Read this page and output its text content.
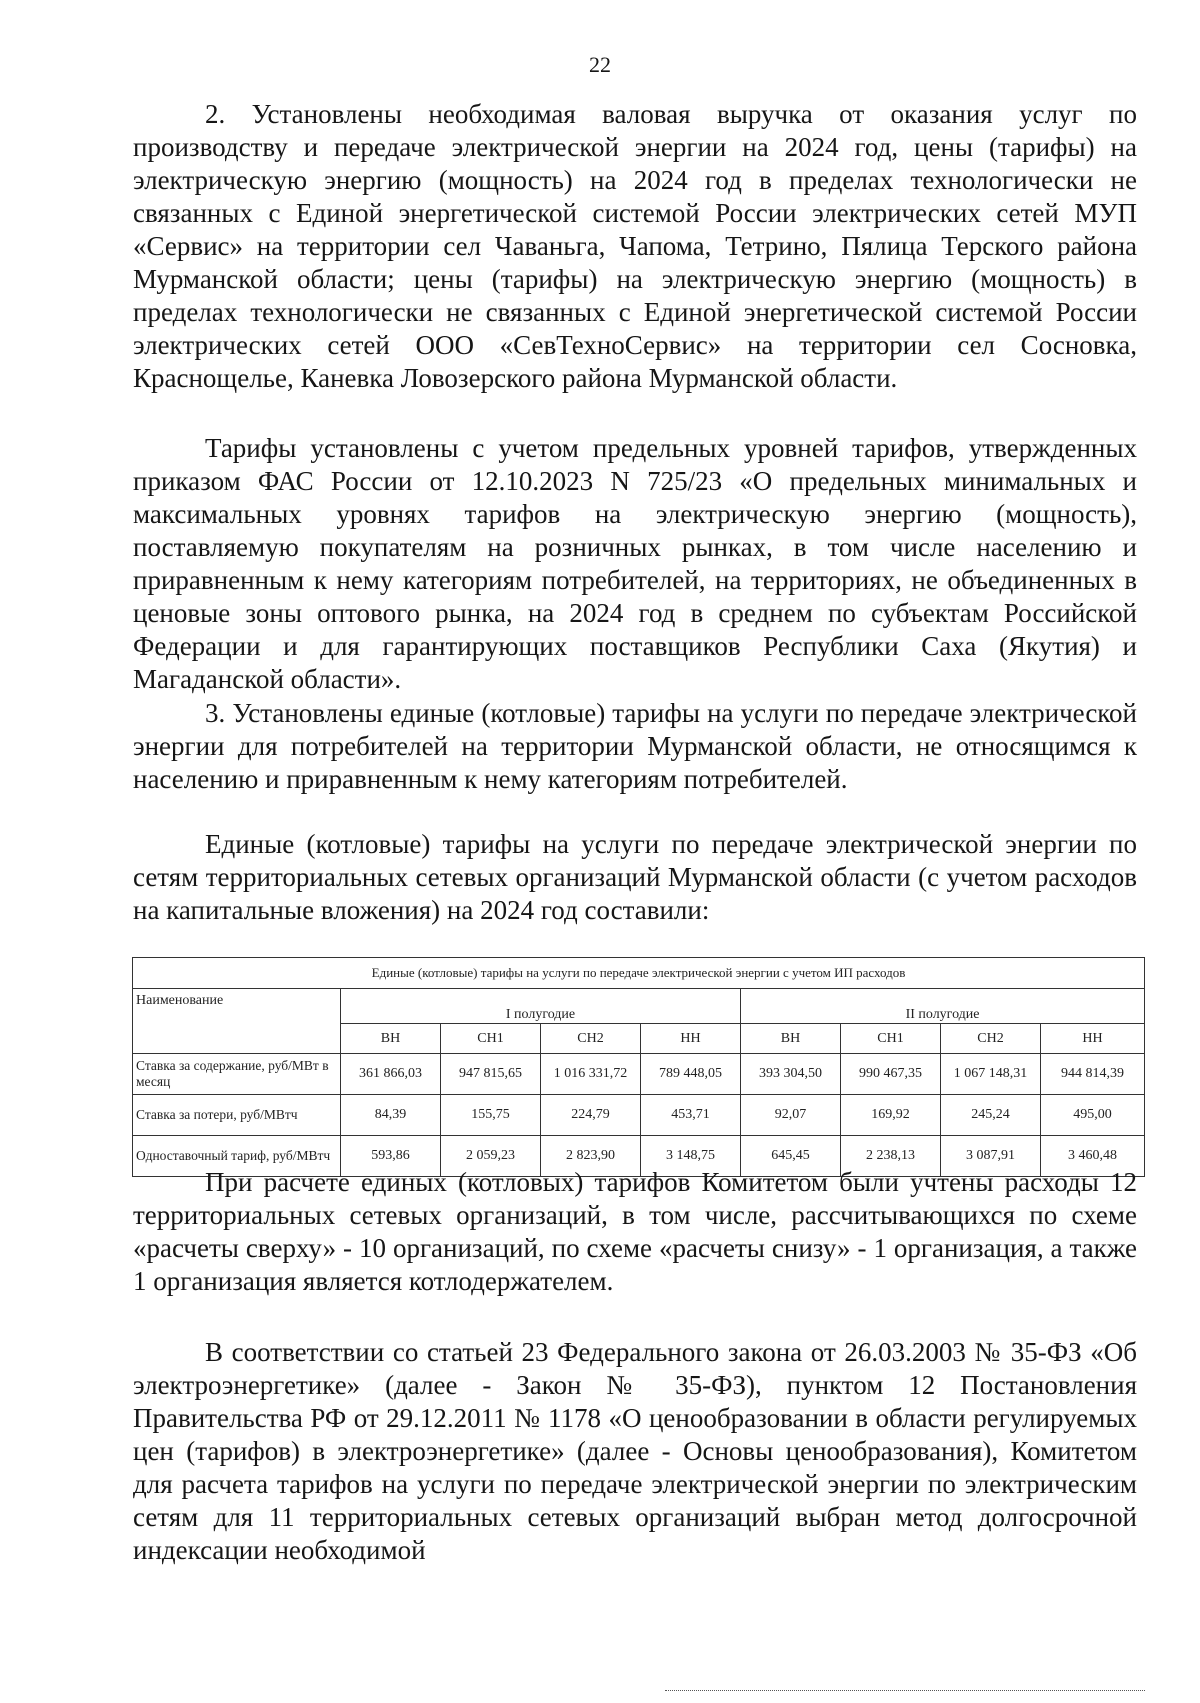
22

2. Установлены необходимая валовая выручка от оказания услуг по производству и передаче электрической энергии на 2024 год, цены (тарифы) на электрическую энергию (мощность) на 2024 год в пределах технологически не связанных с Единой энергетической системой России электрических сетей МУП «Сервис» на территории сел Чаваньга, Чапома, Тетрино, Пялица Терского района Мурманской области; цены (тарифы) на электрическую энергию (мощность) в пределах технологически не связанных с Единой энергетической системой России электрических сетей ООО «СевТехноСервис» на территории сел Сосновка, Краснощелье, Каневка Ловозерского района Мурманской области.

Тарифы установлены с учетом предельных уровней тарифов, утвержденных приказом ФАС России от 12.10.2023 N 725/23 «О предельных минимальных и максимальных уровнях тарифов на электрическую энергию (мощность), поставляемую покупателям на розничных рынках, в том числе населению и приравненным к нему категориям потребителей, на территориях, не объединенных в ценовые зоны оптового рынка, на 2024 год в среднем по субъектам Российской Федерации и для гарантирующих поставщиков Республики Саха (Якутия) и Магаданской области».

3. Установлены единые (котловые) тарифы на услуги по передаче электрической энергии для потребителей на территории Мурманской области, не относящимся к населению и приравненным к нему категориям потребителей.

Единые (котловые) тарифы на услуги по передаче электрической энергии по сетям территориальных сетевых организаций Мурманской области (с учетом расходов на капитальные вложения) на 2024 год составили:

Единые (котловые) тарифы на услуги по передаче электрической энергии с учетом ИП расходов								
Наименование	I полугодие				II полугодие			
	ВН	СН1	СН2	НН	ВН	СН1	СН2	НН
Ставка за содержание, руб/МВт в месяц	361 866,03	947 815,65	1 016 331,72	789 448,05	393 304,50	990 467,35	1 067 148,31	944 814,39
Ставка за потери, руб/МВтч	84,39	155,75	224,79	453,71	92,07	169,92	245,24	495,00
Одноставочный тариф, руб/МВтч	593,86	2 059,23	2 823,90	3 148,75	645,45	2 238,13	3 087,91	3 460,48

При расчете единых (котловых) тарифов Комитетом были учтены расходы 12 территориальных сетевых организаций, в том числе, рассчитывающихся по схеме «расчеты сверху» - 10 организаций, по схеме «расчеты снизу» - 1 организация, а также 1 организация является котлодержателем.

В соответствии со статьей 23 Федерального закона от 26.03.2003 № 35-ФЗ «Об электроэнергетике» (далее - Закон № 35-ФЗ), пунктом 12 Постановления Правительства РФ от 29.12.2011 № 1178 «О ценообразовании в области регулируемых цен (тарифов) в электроэнергетике» (далее - Основы ценообразования), Комитетом для расчета тарифов на услуги по передаче электрической энергии по электрическим сетям для 11 территориальных сетевых организаций выбран метод долгосрочной индексации необходимой
